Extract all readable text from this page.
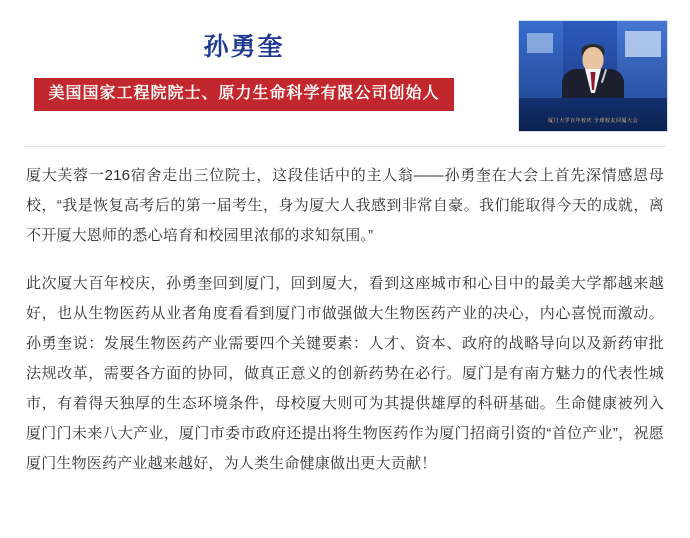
孙勇奎
美国国家工程院院士、原力生命科学有限公司创始人
厦门大学百年校庆 全球校友回厦大会

厦大芙蓉一216宿舍走出三位院士，这段佳话中的主人翁——孙勇奎在大会上首先深情感恩母校，“我是恢复高考后的第一届考生，身为厦大人我感到非常自豪。我们能取得今天的成就，离不开厦大恩师的悉心培育和校园里浓郁的求知氛围。”

此次厦大百年校庆，孙勇奎回到厦门，回到厦大，看到这座城市和心目中的最美大学都越来越好，也从生物医药从业者角度看看到厦门市做强做大生物医药产业的决心，内心喜悦而激动。孙勇奎说：发展生物医药产业需要四个关键要素：人才、资本、政府的战略导向以及新药审批法规改革，需要各方面的协同，做真正意义的创新药势在必行。厦门是有南方魅力的代表性城市，有着得天独厚的生态环境条件，母校厦大则可为其提供雄厚的科研基础。生命健康被列入厦门门未来八大产业，厦门市委市政府还提出将生物医药作为厦门招商引资的“首位产业”，祝愿厦门生物医药产业越来越好，为人类生命健康做出更大贡献！
